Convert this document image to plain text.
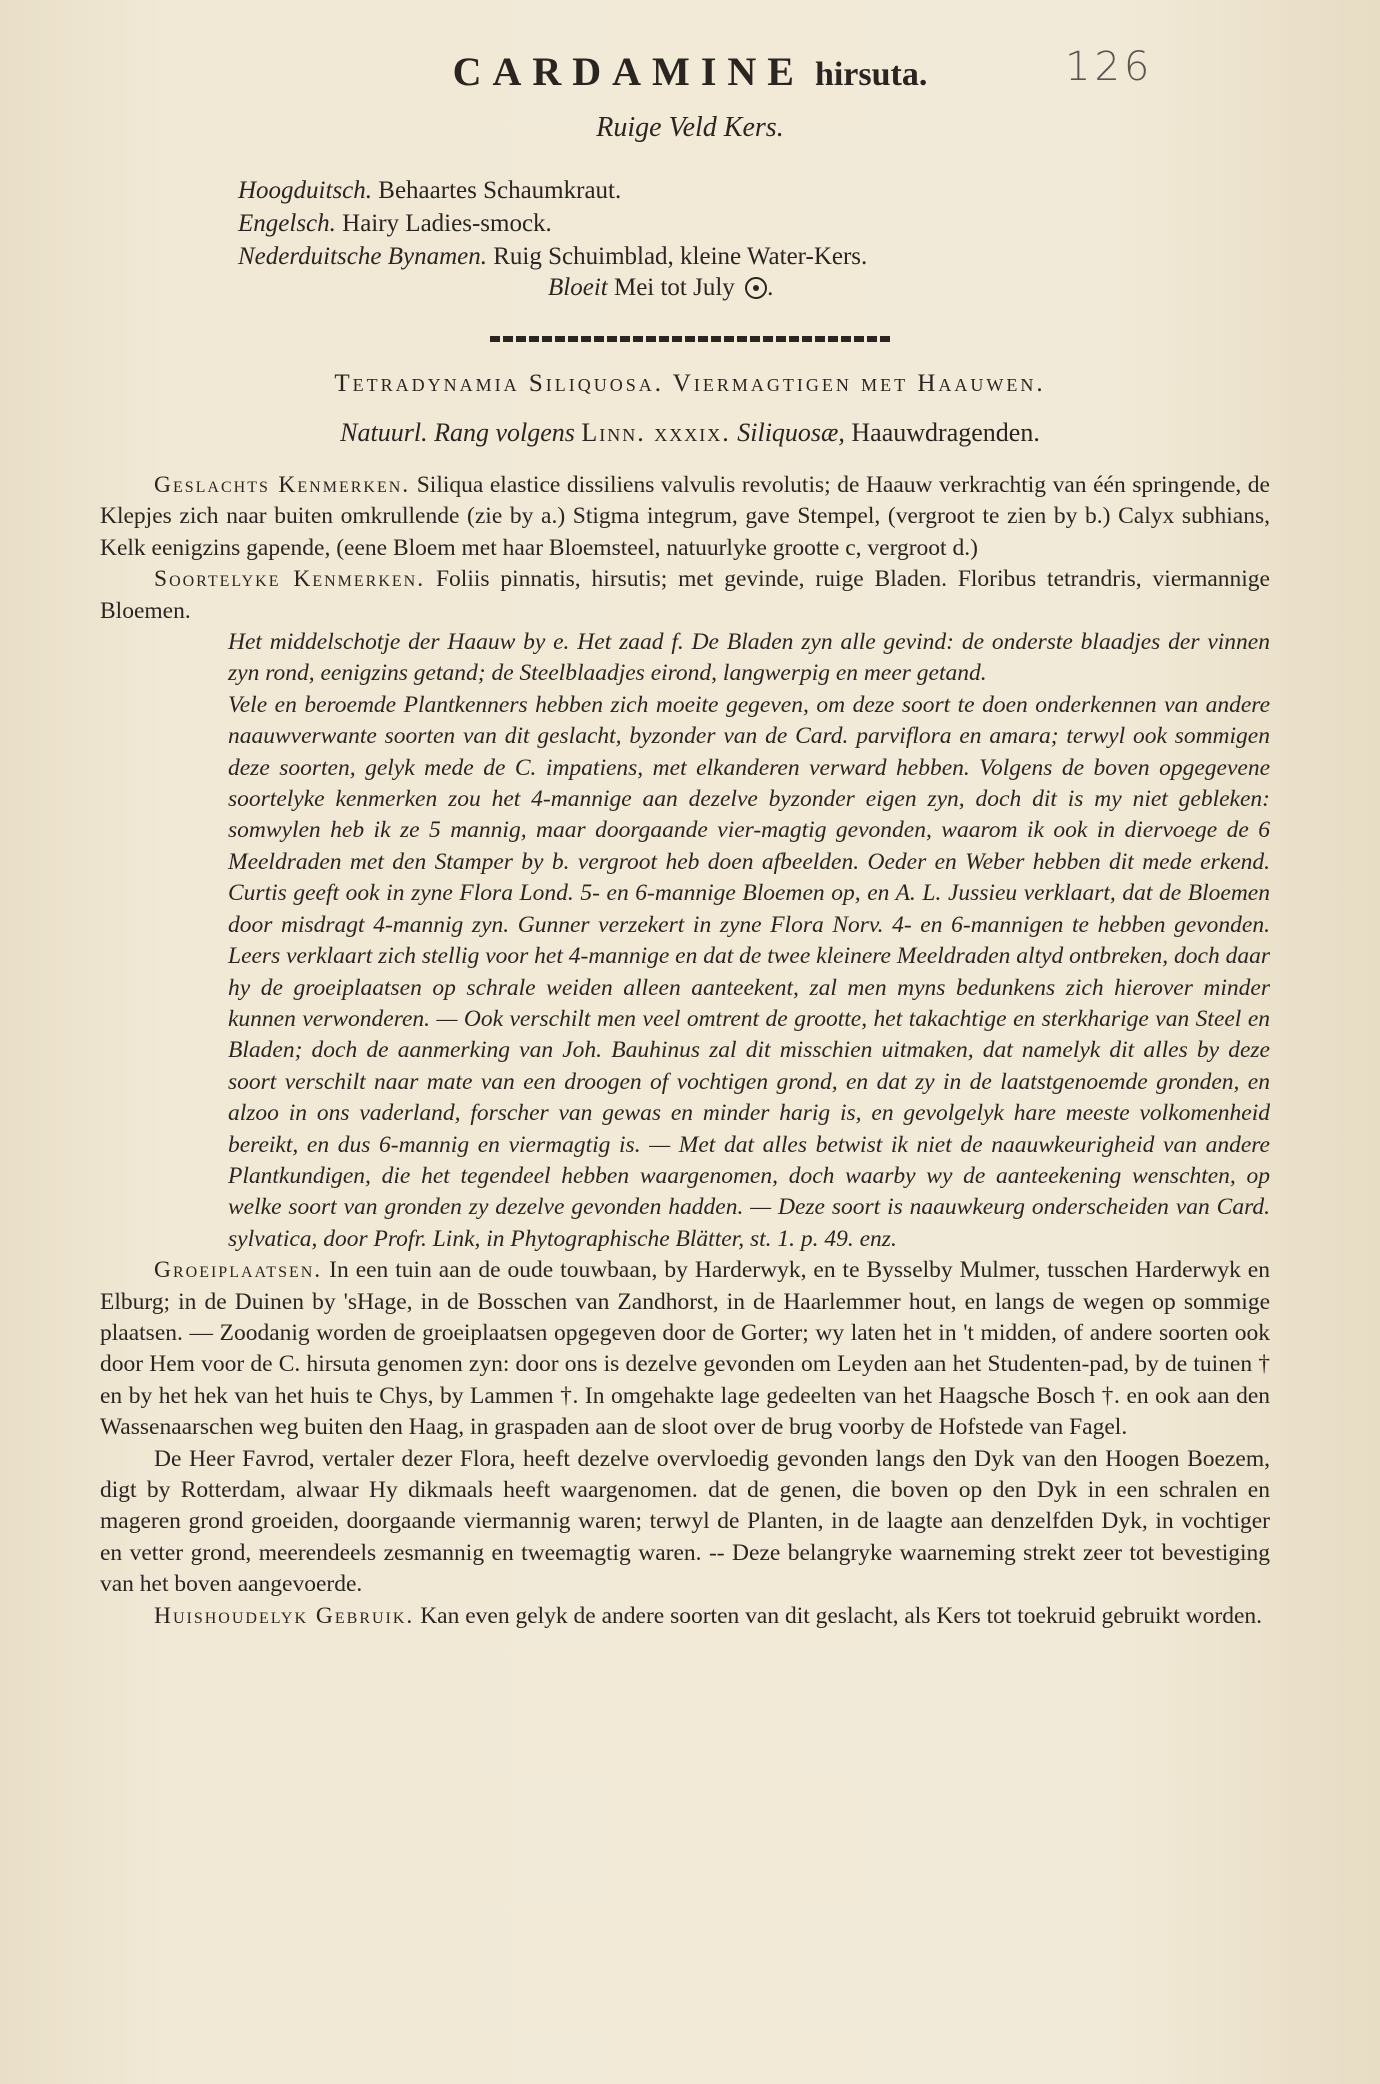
CARDAMINE hirsuta.	126
Ruige Veld Kers.
Hoogduitsch. Behaartes Schaumkraut.
Engelsch. Hairy Ladies-smock.
Nederduitsche Bynamen. Ruig Schuimblad, kleine Water-Kers.
Bloeit Mei tot July .
Tetradynamia Siliquosa. Viermagtigen met Haauwen.
Natuurl. Rang volgens Linn. xxxix. Siliquosæ, Haauwdragenden.

Geslachts Kenmerken. Siliqua elastice dissiliens valvulis revolutis; de Haauw verkrachtig van één springende, de Klepjes zich naar buiten omkrullende (zie by a.) Stigma integrum, gave Stempel, (vergroot te zien by b.) Calyx subhians, Kelk eenigzins gapende, (eene Bloem met haar Bloemsteel, natuurlyke grootte c, vergroot d.)

Soortelyke Kenmerken. Foliis pinnatis, hirsutis; met gevinde, ruige Bladen. Floribus tetrandris, viermannige Bloemen.

Het middelschotje der Haauw by e. Het zaad f. De Bladen zyn alle gevind: de onderste blaadjes der vinnen zyn rond, eenigzins getand; de Steelblaadjes eirond, langwerpig en meer getand.

Vele en beroemde Plantkenners hebben zich moeite gegeven, om deze soort te doen onderkennen van andere naauwverwante soorten van dit geslacht, byzonder van de Card. parviflora en amara; terwyl ook sommigen deze soorten, gelyk mede de C. impatiens, met elkanderen verward hebben. Volgens de boven opgegevene soortelyke kenmerken zou het 4-mannige aan dezelve byzonder eigen zyn, doch dit is my niet gebleken: somwylen heb ik ze 5 mannig, maar doorgaande vier-magtig gevonden, waarom ik ook in diervoege de 6 Meeldraden met den Stamper by b. vergroot heb doen afbeelden. Oeder en Weber hebben dit mede erkend. Curtis geeft ook in zyne Flora Lond. 5- en 6-mannige Bloemen op, en A. L. Jussieu verklaart, dat de Bloemen door misdragt 4-mannig zyn. Gunner verzekert in zyne Flora Norv. 4- en 6-mannigen te hebben gevonden. Leers verklaart zich stellig voor het 4-mannige en dat de twee kleinere Meeldraden altyd ontbreken, doch daar hy de groeiplaatsen op schrale weiden alleen aanteekent, zal men myns bedunkens zich hierover minder kunnen verwonderen. — Ook verschilt men veel omtrent de grootte, het takachtige en sterkharige van Steel en Bladen; doch de aanmerking van Joh. Bauhinus zal dit misschien uitmaken, dat namelyk dit alles by deze soort verschilt naar mate van een droogen of vochtigen grond, en dat zy in de laatstgenoemde gronden, en alzoo in ons vaderland, forscher van gewas en minder harig is, en gevolgelyk hare meeste volkomenheid bereikt, en dus 6-mannig en viermagtig is. — Met dat alles betwist ik niet de naauwkeurigheid van andere Plantkundigen, die het tegendeel hebben waargenomen, doch waarby wy de aanteekening wenschten, op welke soort van gronden zy dezelve gevonden hadden. — Deze soort is naauwkeurg onderscheiden van Card. sylvatica, door Profr. Link, in Phytographische Blätter, st. 1. p. 49. enz.

Groeiplaatsen. In een tuin aan de oude touwbaan, by Harderwyk, en te Bysselby Mulmer, tusschen Harderwyk en Elburg; in de Duinen by 'sHage, in de Bosschen van Zandhorst, in de Haarlemmer hout, en langs de wegen op sommige plaatsen. — Zoodanig worden de groeiplaatsen opgegeven door de Gorter; wy laten het in 't midden, of andere soorten ook door Hem voor de C. hirsuta genomen zyn: door ons is dezelve gevonden om Leyden aan het Studenten-pad, by de tuinen † en by het hek van het huis te Chys, by Lammen †. In omgehakte lage gedeelten van het Haagsche Bosch †. en ook aan den Wassenaarschen weg buiten den Haag, in graspaden aan de sloot over de brug voorby de Hofstede van Fagel.

De Heer Favrod, vertaler dezer Flora, heeft dezelve overvloedig gevonden langs den Dyk van den Hoogen Boezem, digt by Rotterdam, alwaar Hy dikmaals heeft waargenomen. dat de genen, die boven op den Dyk in een schralen en mageren grond groeiden, doorgaande viermannig waren; terwyl de Planten, in de laagte aan denzelfden Dyk, in vochtiger en vetter grond, meerendeels zesmannig en tweemagtig waren. -- Deze belangryke waarneming strekt zeer tot bevestiging van het boven aangevoerde.

Huishoudelyk Gebruik. Kan even gelyk de andere soorten van dit geslacht, als Kers tot toekruid gebruikt worden.
